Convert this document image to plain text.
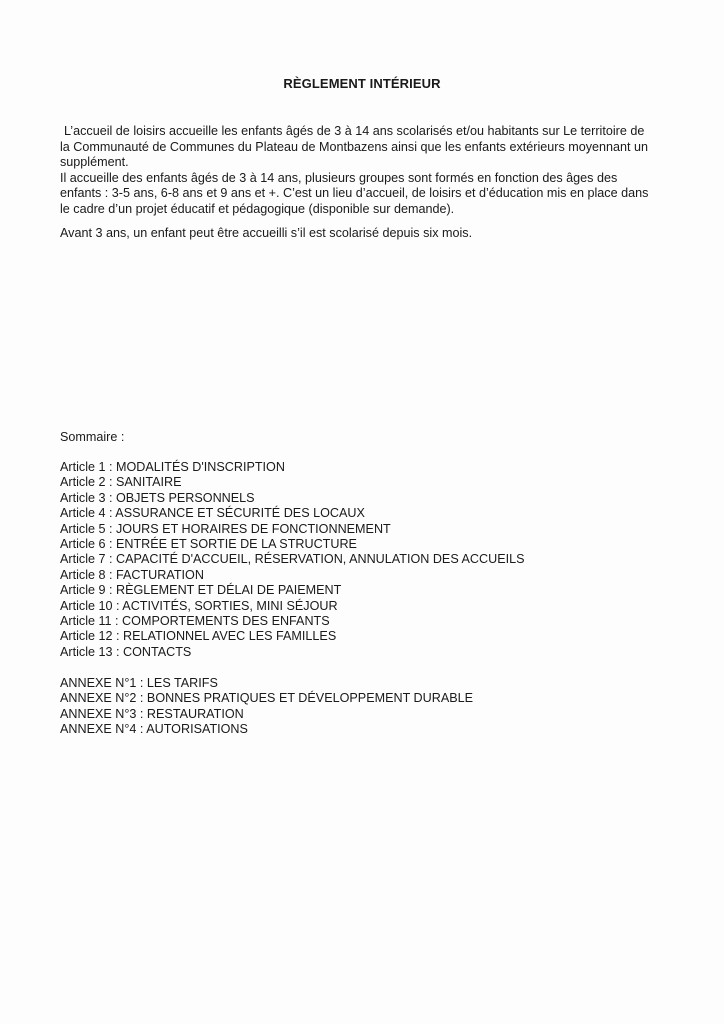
RÈGLEMENT INTÉRIEUR

L’accueil de loisirs accueille les enfants âgés de 3 à 14 ans scolarisés et/ou habitants sur Le territoire de la Communauté de Communes du Plateau de Montbazens ainsi que les enfants extérieurs moyennant un supplément.

Il accueille des enfants âgés de 3 à 14 ans, plusieurs groupes sont formés en fonction des âges des enfants : 3-5 ans, 6-8 ans et 9 ans et +. C’est un lieu d’accueil, de loisirs et d’éducation mis en place dans le cadre d’un projet éducatif et pédagogique (disponible sur demande).

Avant 3 ans, un enfant peut être accueilli s’il est scolarisé depuis six mois.

Sommaire :
Article 1 : MODALITÉS D'INSCRIPTION
Article 2 : SANITAIRE
Article 3 : OBJETS PERSONNELS
Article 4 : ASSURANCE ET SÉCURITÉ DES LOCAUX
Article 5 : JOURS ET HORAIRES DE FONCTIONNEMENT
Article 6 : ENTRÉE ET SORTIE DE LA STRUCTURE
Article 7 : CAPACITÉ D'ACCUEIL, RÉSERVATION, ANNULATION DES ACCUEILS
Article 8 : FACTURATION
Article 9 : RÈGLEMENT ET DÉLAI DE PAIEMENT
Article 10 : ACTIVITÉS, SORTIES, MINI SÉJOUR
Article 11 : COMPORTEMENTS DES ENFANTS
Article 12 : RELATIONNEL AVEC LES FAMILLES
Article 13 : CONTACTS
ANNEXE N°1 : LES TARIFS
ANNEXE N°2 : BONNES PRATIQUES ET DÉVELOPPEMENT DURABLE
ANNEXE N°3 : RESTAURATION
ANNEXE N°4 : AUTORISATIONS
